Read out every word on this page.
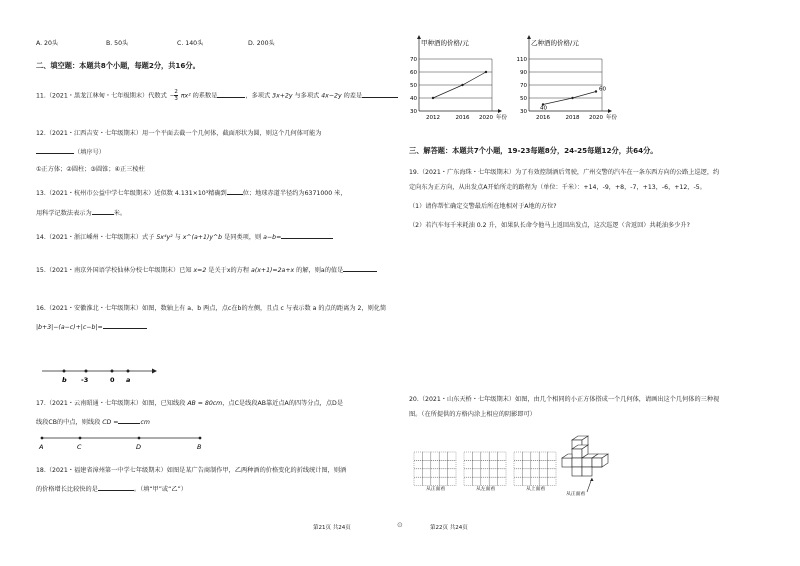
A. 20头	B. 50头	C. 140头	D. 200头
二、填空题：本题共8个小题，每题2分，共16分。
11.（2021・黑龙江林甸・七年级期末）代数式 − $\frac{2}{3} \pi x^2$ 的系数是	，多项式 3x+2y 与多项式 4x−2y 的差是
12.（2021・江西吉安・七年级期末）用一个平面去截一个几何体，截面形状为圆，则这个几何体可能为
（填序号）
①正方体；②圆柱；③圆锥；④正三棱柱
13.（2021・杭州市公益中学七年级期末）近似数 4.131×10³精确到	位；地球赤道半径约为6371000 米，
用科学记数法表示为	米。
14.（2021・浙江嵊州・七年级期末）式子 5x⁴y² 与 x^(a+1)y^b 是同类项，则 a−b=
15.（2021・南京外国语学校仙林分校七年级期末）已知 x=2 是关于x的方程 a(x+1)=2a+x 的解，则a的值是
16.（2021・安徽淮北・七年级期末）如图，数轴上有 a、b 两点，点c在b的左侧，且点 c 与表示数 a 的点的距离为 2，则化简
|b+3|−(a−c)+|c−b|=
b -3	0 a
17.（2021・云南昭通・七年级期末）如图，已知线段 AB = 80cm，点C是线段AB靠近点A的四等分点，点D是
线段CB的中点，则线段 CD =	cm
A	C	D	B
18.（2021・福建省漳州第一中学七年级期末）如图是某广告商制作甲，乙两种酒的价格变化的折线统计图，则酒
的价格增长比较快的是	。（填“甲”或“乙”）
第21页 共24页	⊙	第22页 共24页
甲种酒的价格/元
30
40
50
60
70
2012	2016 2020 年份
乙种酒的价格/元
30
50
70
90
110
2016
40
2018 2020
60
年份
三、解答题：本题共7个小题，19-23每题8分，24-25每题12分，共64分。
19.（2021・广东海珠・七年级期末）为了有效控制酒后驾驶，广州交警的汽车在一条东西方向的公路上巡逻，约
定向东为正方向，从出发点A开始所走的路程为（单位：千米）：+14，-9，+8，-7，+13，-6，+12，-5。
（1）请你帮忙确定交警最后所在地相对于A地的方位?
（2）若汽车每千米耗油 0.2 升，如果队长命令他马上返回出发点，这次巡逻（含返回）共耗油多少升?
20.（2021・山东天桥・七年级期末）如图，由几个相同的小正方体搭成一个几何体，请画出这个几何体的三种视
图。（在所提供的方格内涂上相应的阴影即可）
从正面看	从左面看	从上面看
从正面看
